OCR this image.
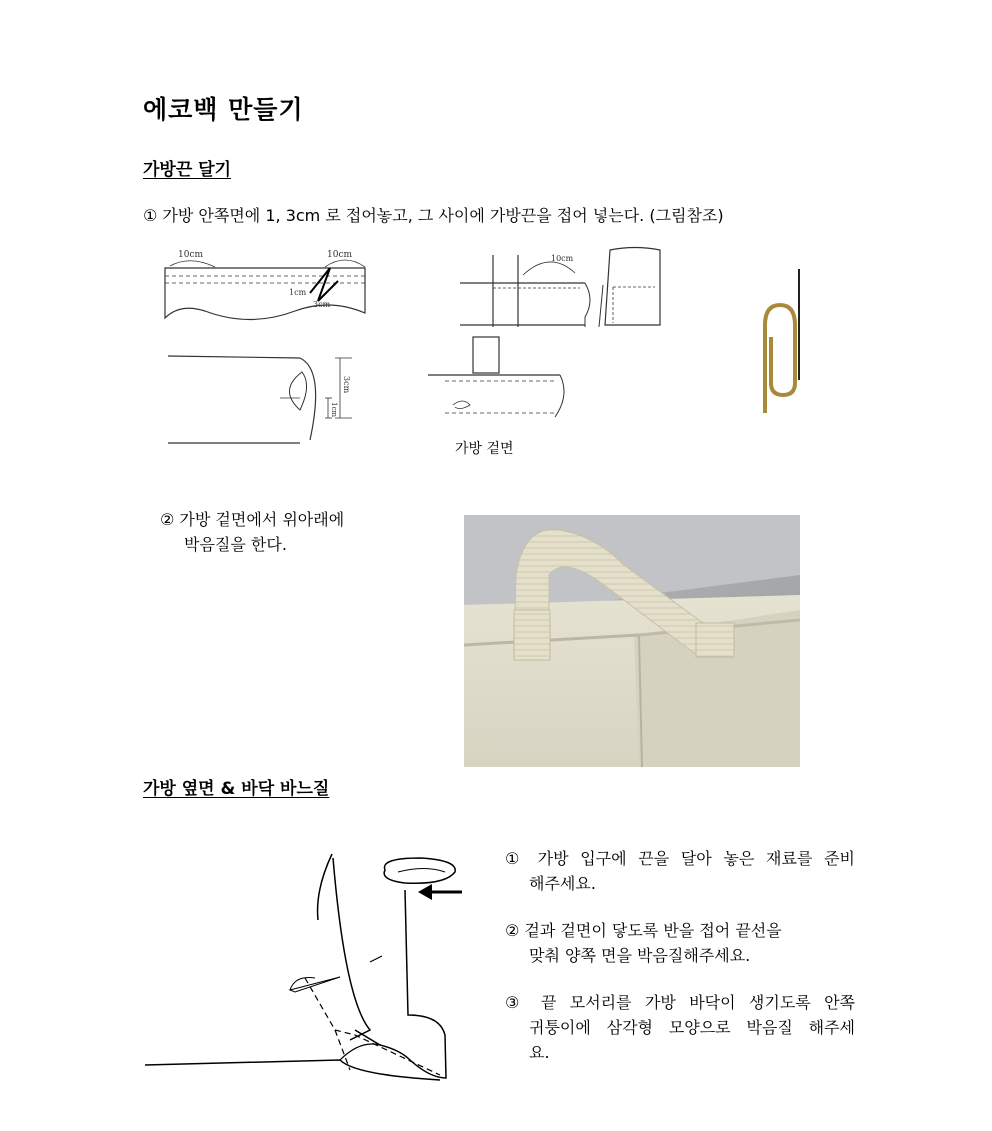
에코백 만들기
가방끈 달기
① 가방 안쪽면에 1, 3cm 로 접어놓고, 그 사이에 가방끈을 접어 넣는다. (그림참조)
10cm	10cm
1cm
3cm
3cm
1cm
10cm
가방 겉면
② 가방 겉면에서 위아래에
박음질을 한다.
가방 옆면 & 바닥 바느질
① 가방 입구에 끈을 달아 놓은 재료를 준비
해주세요.
② 겉과 겉면이 닿도록 반을 접어 끝선을
맞춰 양쪽 면을 박음질해주세요.
③ 끝 모서리를 가방 바닥이 생기도록 안쪽
귀퉁이에 삼각형 모양으로 박음질 해주세
요.
